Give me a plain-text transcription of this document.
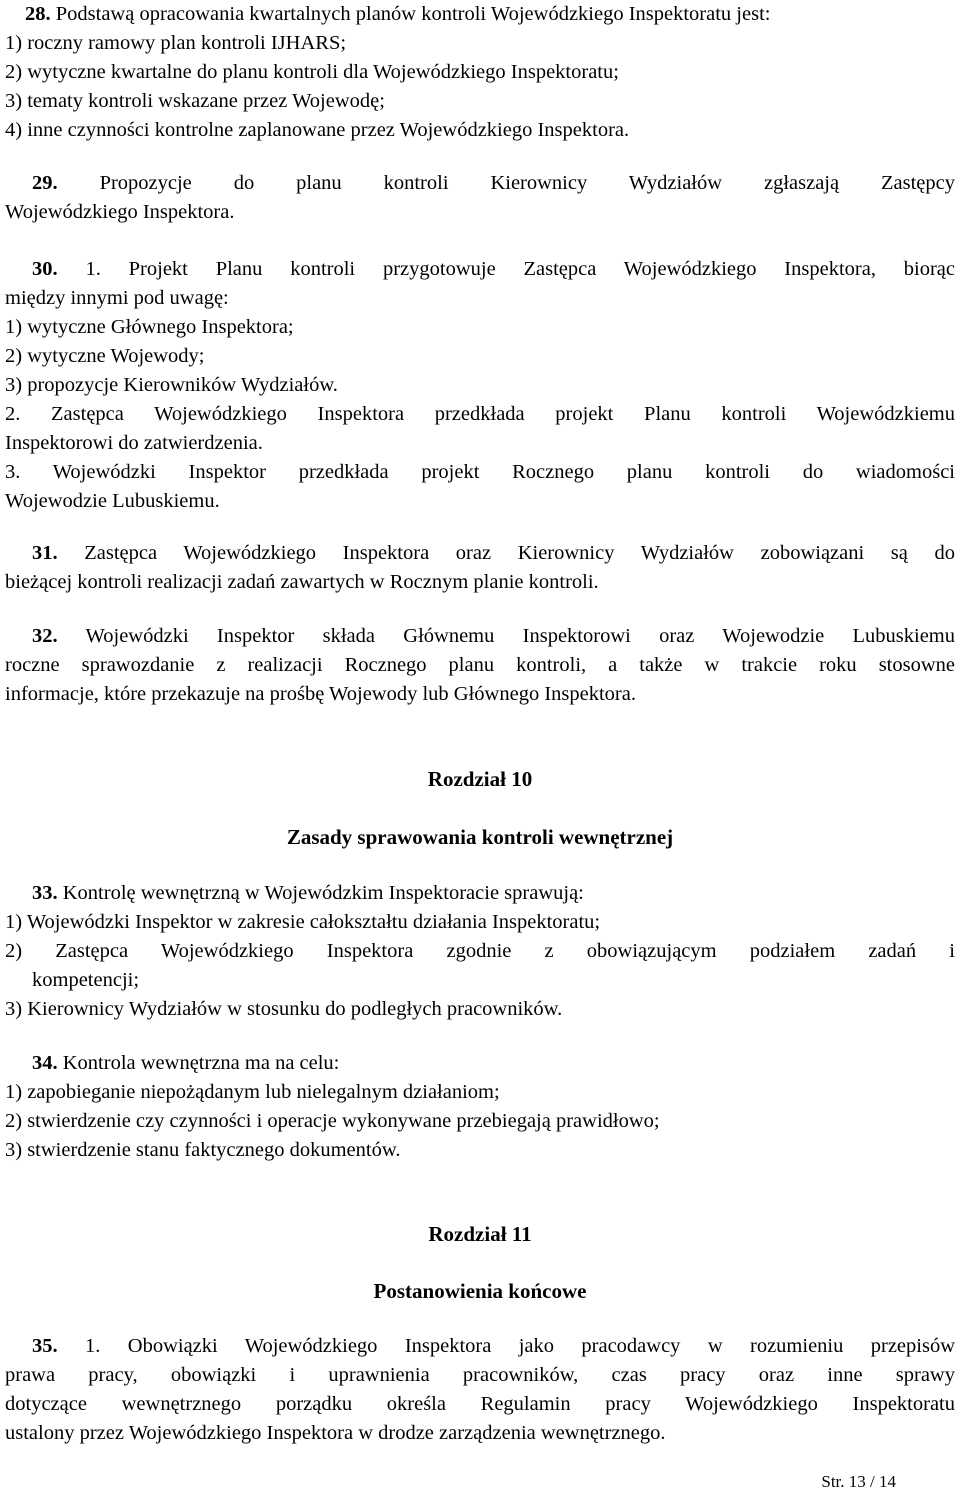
28. Podstawą opracowania kwartalnych planów kontroli Wojewódzkiego Inspektoratu jest:
1) roczny ramowy plan kontroli IJHARS;
2) wytyczne kwartalne do planu kontroli dla Wojewódzkiego Inspektoratu;
3) tematy kontroli wskazane przez Wojewodę;
4) inne czynności kontrolne zaplanowane przez Wojewódzkiego Inspektora.
29. Propozycje do planu kontroli Kierownicy Wydziałów zgłaszają Zastępcy
Wojewódzkiego Inspektora.
30. 1. Projekt Planu kontroli przygotowuje Zastępca Wojewódzkiego Inspektora, biorąc
między innymi pod uwagę:
1) wytyczne Głównego Inspektora;
2) wytyczne Wojewody;
3) propozycje Kierowników Wydziałów.
2. Zastępca Wojewódzkiego Inspektora przedkłada projekt Planu kontroli Wojewódzkiemu
Inspektorowi do zatwierdzenia.
3. Wojewódzki Inspektor przedkłada projekt Rocznego planu kontroli do wiadomości
Wojewodzie Lubuskiemu.
31. Zastępca Wojewódzkiego Inspektora oraz Kierownicy Wydziałów zobowiązani są do
bieżącej kontroli realizacji zadań zawartych w Rocznym planie kontroli.
32. Wojewódzki Inspektor składa Głównemu Inspektorowi oraz Wojewodzie Lubuskiemu
roczne sprawozdanie z realizacji Rocznego planu kontroli, a także w trakcie roku stosowne
informacje, które przekazuje na prośbę Wojewody lub Głównego Inspektora.
Rozdział 10
Zasady sprawowania kontroli wewnętrznej
33. Kontrolę wewnętrzną w Wojewódzkim Inspektoracie sprawują:
1) Wojewódzki Inspektor w zakresie całokształtu działania Inspektoratu;
2) Zastępca Wojewódzkiego Inspektora zgodnie z obowiązującym podziałem zadań i
kompetencji;
3) Kierownicy Wydziałów w stosunku do podległych pracowników.
34. Kontrola wewnętrzna ma na celu:
1) zapobieganie niepożądanym lub nielegalnym działaniom;
2) stwierdzenie czy czynności i operacje wykonywane przebiegają prawidłowo;
3) stwierdzenie stanu faktycznego dokumentów.
Rozdział 11
Postanowienia końcowe
35. 1. Obowiązki Wojewódzkiego Inspektora jako pracodawcy w rozumieniu przepisów
prawa pracy, obowiązki i uprawnienia pracowników, czas pracy oraz inne sprawy
dotyczące wewnętrznego porządku określa Regulamin pracy Wojewódzkiego Inspektoratu
ustalony przez Wojewódzkiego Inspektora w drodze zarządzenia wewnętrznego.
Str. 13 / 14
